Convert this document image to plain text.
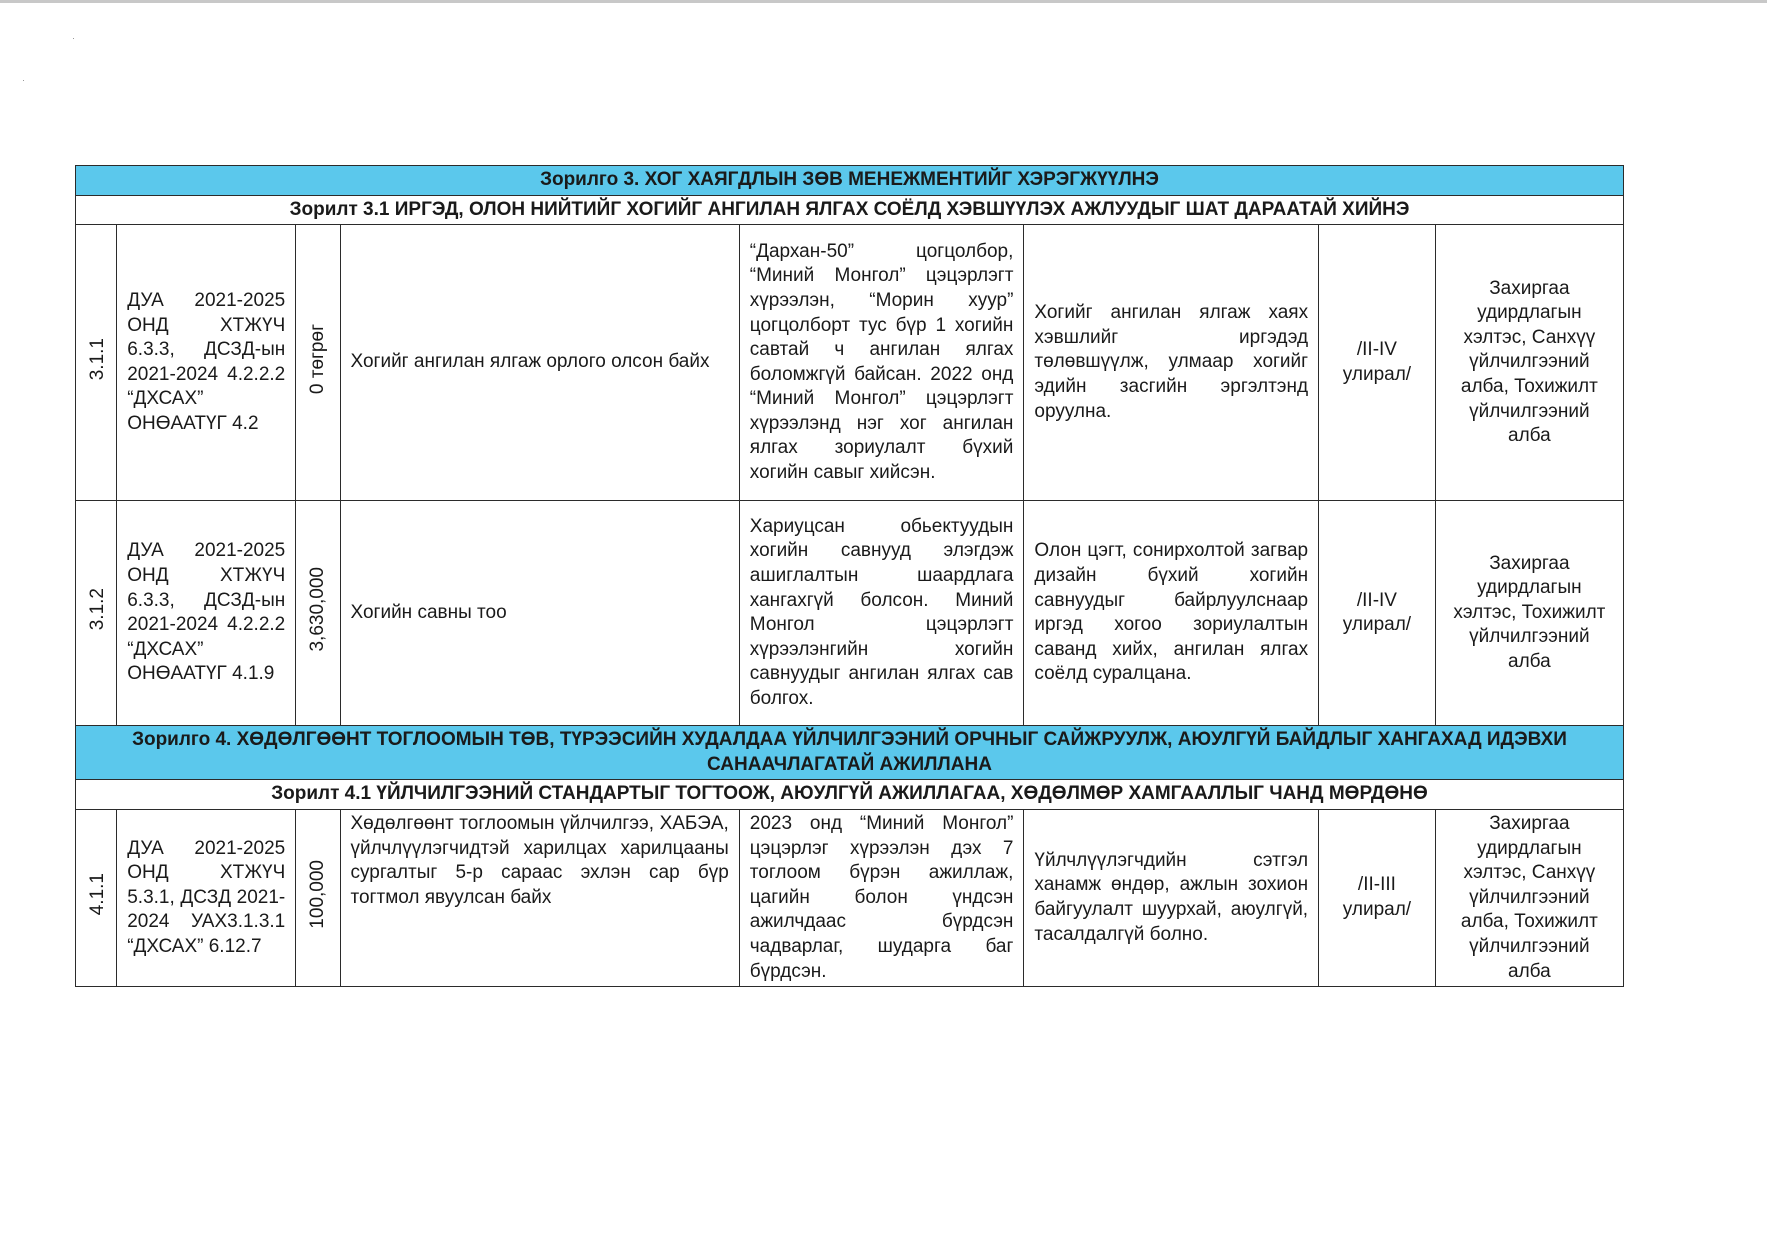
·
·
Зорилго 3. ХОГ ХАЯГДЛЫН ЗӨВ МЕНЕЖМЕНТИЙГ ХЭРЭГЖҮҮЛНЭ							
Зорилт 3.1 ИРГЭД, ОЛОН НИЙТИЙГ ХОГИЙГ АНГИЛАН ЯЛГАХ СОЁЛД ХЭВШҮҮЛЭХ АЖЛУУДЫГ ШАТ ДАРААТАЙ ХИЙНЭ							
3.1.1	ДУА 2021-2025 ОНД ХТЖҮЧ 6.3.3, ДСЗД-ын 2021-2024 4.2.2.2 “ДХСАХ” ОНӨААТҮГ 4.2	0 төгрөг	Хогийг ангилан ялгаж орлого олсон байх	“Дархан-50” цогцолбор, “Миний Монгол” цэцэрлэгт хүрээлэн, “Морин хуур” цогцолборт тус бүр 1 хогийн савтай ч ангилан ялгах боломжгүй байсан. 2022 онд “Миний Монгол” цэцэрлэгт хүрээлэнд нэг хог ангилан ялгах зориулалт бүхий хогийн савыг хийсэн.	Хогийг ангилан ялгаж хаях хэвшлийг иргэдэд төлөвшүүлж, улмаар хогийг эдийн засгийн эргэлтэнд оруулна.	/II-IV улирал/	Захиргаа удирдлагын хэлтэс, Санхүү үйлчилгээний алба, Тохижилт үйлчилгээний алба
3.1.2	ДУА 2021-2025 ОНД ХТЖҮЧ 6.3.3, ДСЗД-ын 2021-2024 4.2.2.2 “ДХСАХ” ОНӨААТҮГ 4.1.9	3,630,000	Хогийн савны тоо	Хариуцсан обьектуудын хогийн савнууд элэгдэж ашиглалтын шаардлага хангахгүй болсон. Миний Монгол цэцэрлэгт хүрээлэнгийн хогийн савнуудыг ангилан ялгах сав болгох.	Олон цэгт, сонирхолтой загвар дизайн бүхий хогийн савнуудыг байрлуулснаар иргэд хогоо зориулалтын саванд хийх, ангилан ялгах соёлд суралцана.	/II-IV улирал/	Захиргаа удирдлагын хэлтэс, Тохижилт үйлчилгээний алба
Зорилго 4. ХӨДӨЛГӨӨНТ ТОГЛООМЫН ТӨВ, ТҮРЭЭСИЙН ХУДАЛДАА ҮЙЛЧИЛГЭЭНИЙ ОРЧНЫГ САЙЖРУУЛЖ, АЮУЛГҮЙ БАЙДЛЫГ ХАНГАХАД ИДЭВХИ САНААЧЛАГАТАЙ АЖИЛЛАНА							
Зорилт 4.1 ҮЙЛЧИЛГЭЭНИЙ СТАНДАРТЫГ ТОГТООЖ, АЮУЛГҮЙ АЖИЛЛАГАА, ХӨДӨЛМӨР ХАМГААЛЛЫГ ЧАНД МӨРДӨНӨ							
4.1.1	ДУА 2021-2025 ОНД ХТЖҮЧ 5.3.1, ДСЗД 2021-2024 УАХ3.1.3.1 “ДХСАХ” 6.12.7	100,000	Хөдөлгөөнт тоглоомын үйлчилгээ, ХАБЭА, үйлчлүүлэгчидтэй харилцах харилцааны сургалтыг 5-р сараас эхлэн сар бүр тогтмол явуулсан байх	2023 онд “Миний Монгол” цэцэрлэг хүрээлэн дэх 7 тоглоом бүрэн ажиллаж, цагийн болон үндсэн ажилчдаас бүрдсэн чадварлаг, шударга баг бүрдсэн.	Үйлчлүүлэгчдийн сэтгэл ханамж өндөр, ажлын зохион байгуулалт шуурхай, аюулгүй, тасалдалгүй болно.	/II-III улирал/	Захиргаа удирдлагын хэлтэс, Санхүү үйлчилгээний алба, Тохижилт үйлчилгээний алба
